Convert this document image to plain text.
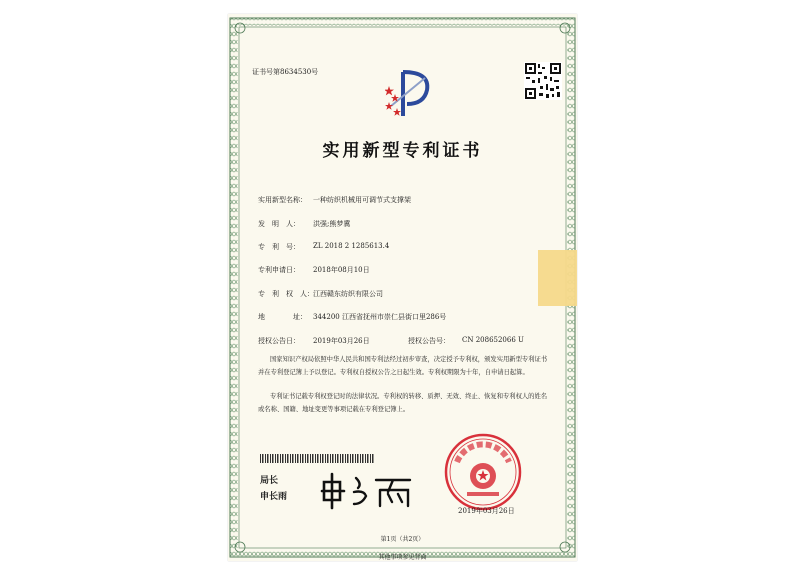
证书号第8634530号
实用新型专利证书
实用新型名称： 一种纺织机械用可调节式支撑架
发　明　人： 洪强;熊梦冀
专　利　号： ZL 2018 2 1285613.4
专利申请日： 2018年08月10日
专　利　权　人： 江西赣东纺织有限公司
地　　　　址： 344200 江西省抚州市崇仁县街口里286号
授权公告日： 2019年03月26日	授权公告号： CN 208652066 U
国家知识产权局依照中华人民共和国专利法经过初步审查，决定授予专利权，颁发实用新型专利证书并在专利登记簿上予以登记。专利权自授权公告之日起生效。专利权期限为十年，自申请日起算。
专利证书记载专利权登记时的法律状况。专利权的转移、质押、无效、终止、恢复和专利权人的姓名或名称、国籍、地址变更等事项记载在专利登记簿上。
局长
申长雨
2019年03月26日
第1页（共2页）
其他事项参见背面
